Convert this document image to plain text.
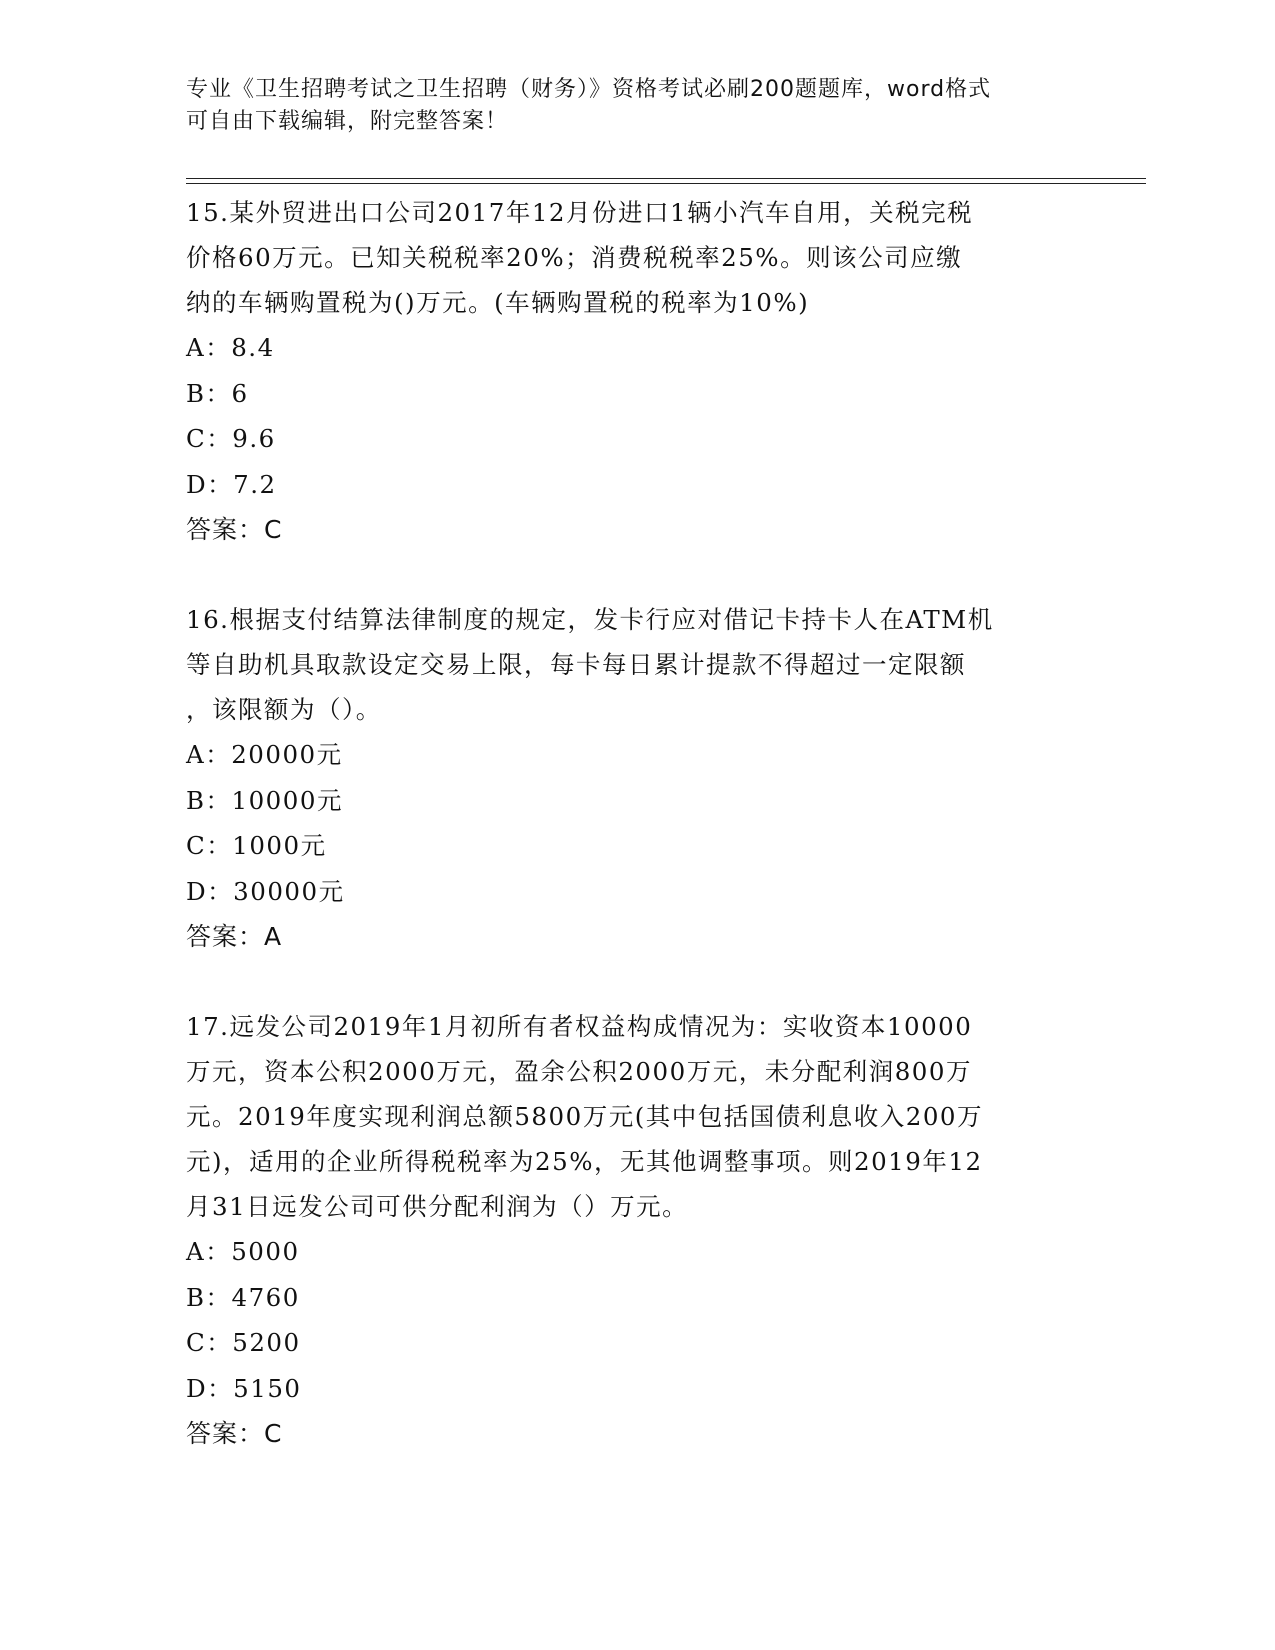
专业《卫生招聘考试之卫生招聘（财务）》资格考试必刷200题题库，word格式
可自由下载编辑，附完整答案！
15.某外贸进出口公司2017年12月份进口1辆小汽车自用，关税完税
价格60万元。已知关税税率20%；消费税税率25%。则该公司应缴
纳的车辆购置税为()万元。(车辆购置税的税率为10%)
A：8.4
B：6
C：9.6
D：7.2
答案：C
16.根据支付结算法律制度的规定，发卡行应对借记卡持卡人在ATM机
等自助机具取款设定交易上限，每卡每日累计提款不得超过一定限额
，该限额为（）。
A：20000元
B：10000元
C：1000元
D：30000元
答案：A
17.远发公司2019年1月初所有者权益构成情况为：实收资本10000
万元，资本公积2000万元，盈余公积2000万元，未分配利润800万
元。2019年度实现利润总额5800万元(其中包括国债利息收入200万
元)，适用的企业所得税税率为25%，无其他调整事项。则2019年12
月31日远发公司可供分配利润为（）万元。
A：5000
B：4760
C：5200
D：5150
答案：C
